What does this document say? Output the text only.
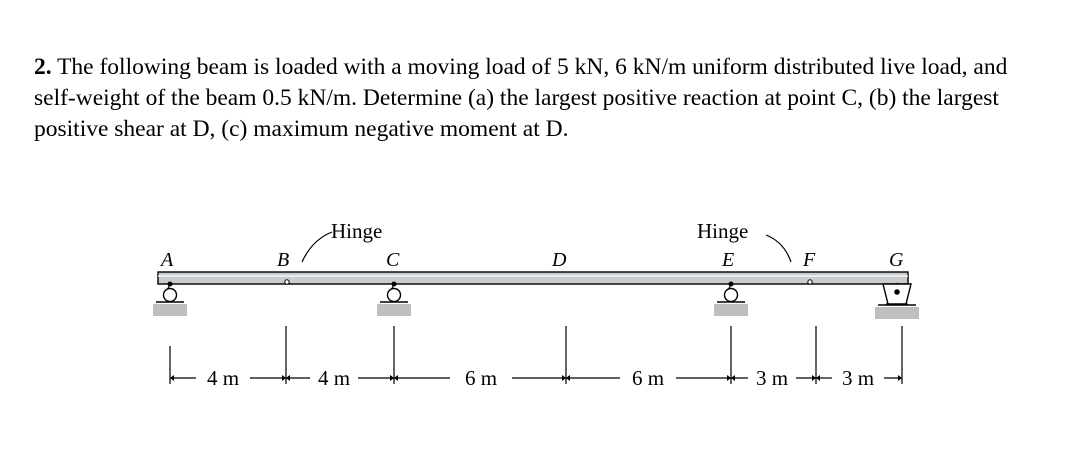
2. The following beam is loaded with a moving load of 5 kN, 6 kN/m uniform distributed live load, and self-weight of the beam 0.5 kN/m. Determine (a) the largest positive reaction at point C, (b) the largest positive shear at D, (c) maximum negative moment at D.
A	B	C	D	E	F	G
Hinge	Hinge
4 m	4 m	6 m	6 m	3 m	3 m
